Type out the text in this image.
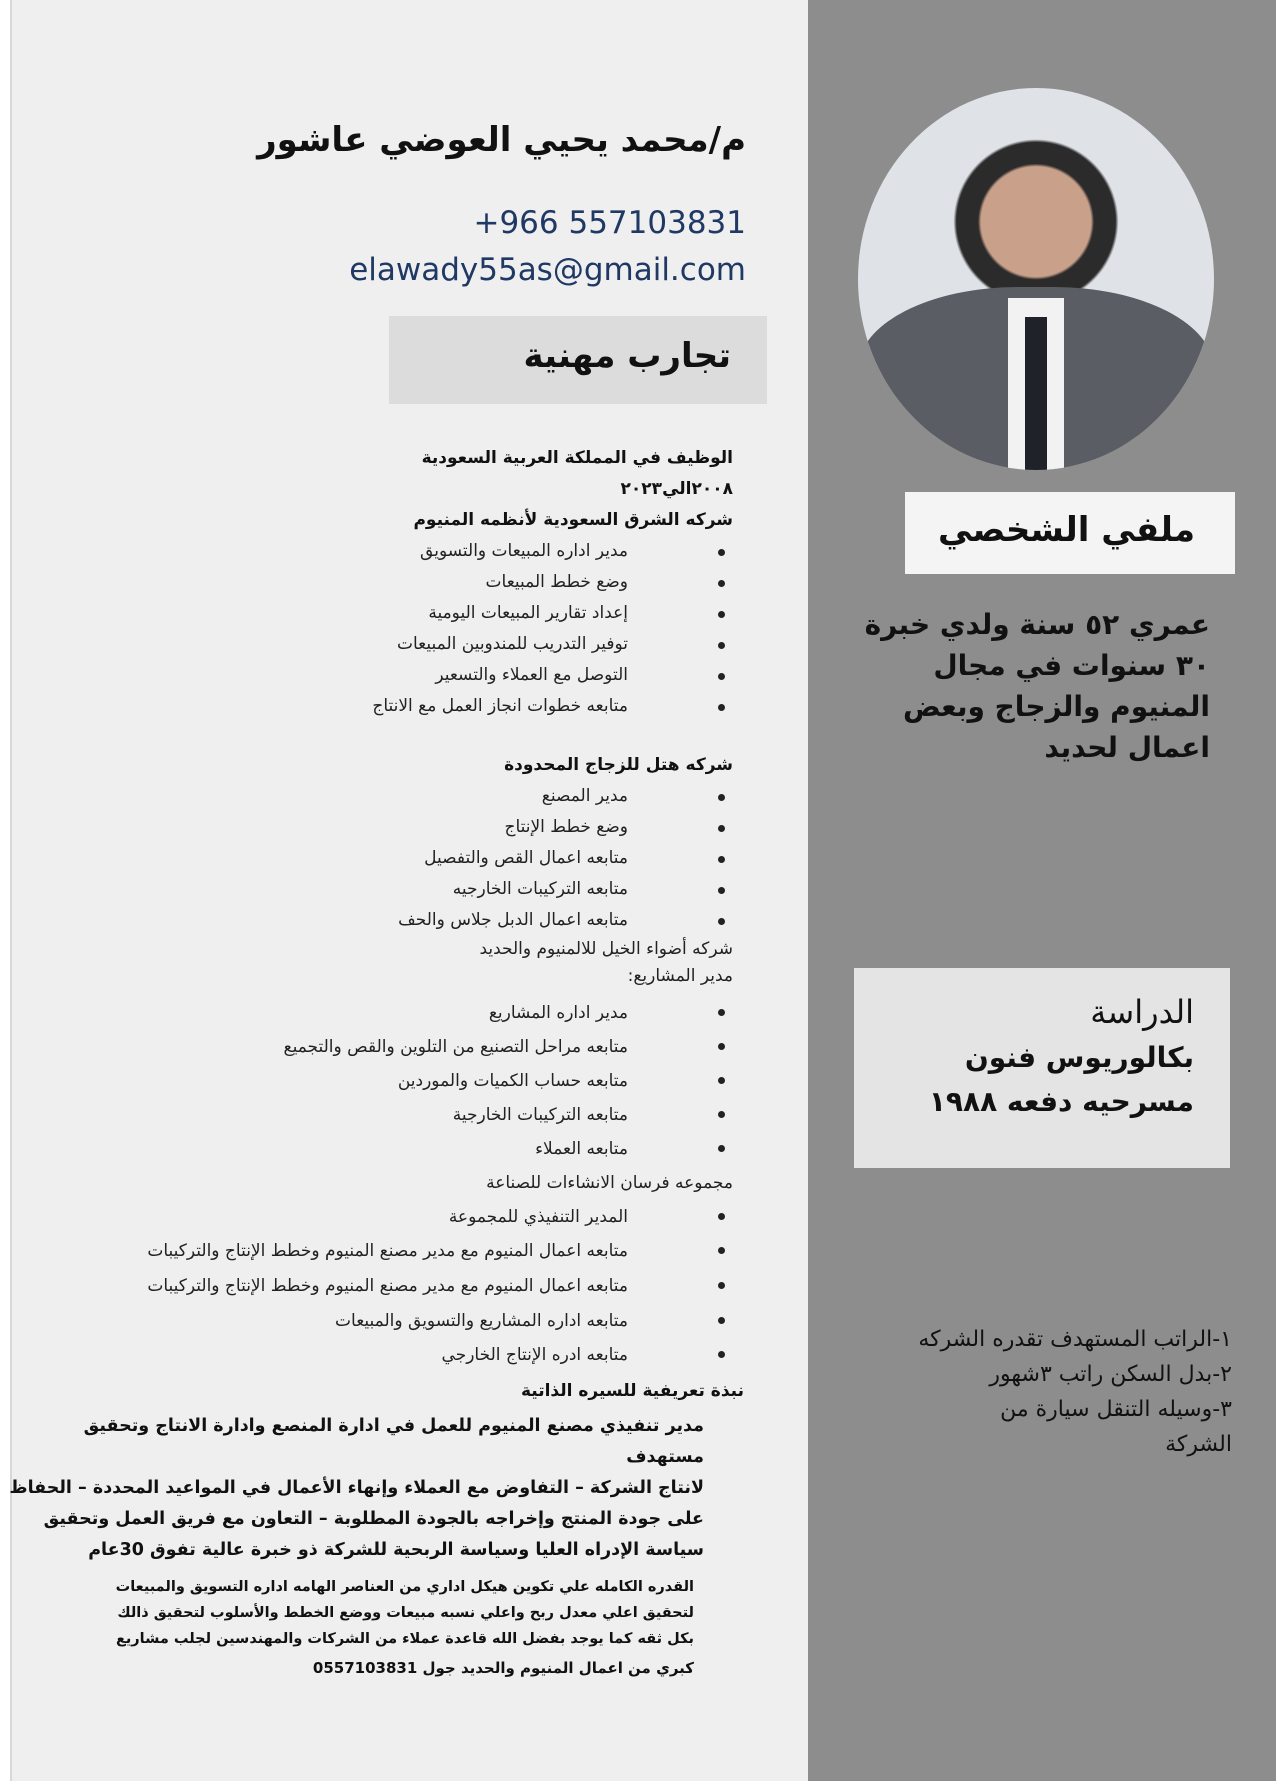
م/محمد يحيي العوضي عاشور
+966 557103831
elawady55as@gmail.com
تجارب مهنية
الوظيف في المملكة العربية السعودية
٢٠٠٨الي٢٠٢٣
شركه الشرق السعودية لأنظمه المنيوم
مدير اداره المبيعات والتسويق
وضع خطط المبيعات
إعداد تقارير المبيعات اليومية
توفير التدريب للمندوبين المبيعات
التوصل مع العملاء والتسعير
متابعه خطوات انجاز العمل مع الانتاج
شركه هتل للزجاج المحدودة
مدير المصنع
وضع خطط الإنتاج
متابعه اعمال القص والتفصيل
متابعه التركيبات الخارجيه
متابعه اعمال الدبل جلاس والحف
شركه أضواء الخيل للالمنيوم والحديد
مدير المشاريع:
مدير اداره المشاريع
متابعه مراحل التصنيع من التلوين والقص والتجميع
متابعه حساب الكميات والموردين
متابعه التركيبات الخارجية
متابعه العملاء
مجموعه فرسان الانشاءات للصناعة
المدير التنفيذي للمجموعة
متابعه اعمال المنيوم مع مدير مصنع المنيوم وخطط الإنتاج والتركيبات
متابعه اعمال المنيوم مع مدير مصنع المنيوم وخطط الإنتاج والتركيبات
متابعه اداره المشاريع والتسويق والمبيعات
متابعه ادره الإنتاج الخارجي
نبذة تعريفية للسيره الذاتية
مدير تنفيذي مصنع المنيوم للعمل في ادارة المنصع وادارة الانتاج وتحقيق مستهدف
لانتاج الشركة – التفاوض مع العملاء وإنهاء الأعمال في المواعيد المحددة – الحفاظ
على جودة المنتج وإخراجه بالجودة المطلوبة – التعاون مع فريق العمل وتحقيق
سياسة الإدراه العليا وسياسة الربحية للشركة ذو خبرة عالية تفوق 30عام
القدره الكامله علي تكوين هيكل اداري من العناصر الهامه اداره التسويق والمبيعات
لتحقيق اعلي معدل ربح واعلي نسبه مبيعات ووضع الخطط والأسلوب لتحقيق ذالك
بكل ثقه كما يوجد بفضل الله قاعدة عملاء من الشركات والمهندسين لجلب مشاريع
كبري من اعمال المنيوم والحديد جول 0557103831
ملفي الشخصي
عمري ٥٢ سنة ولدي خبرة
٣٠ سنوات في مجال
المنيوم والزجاج وبعض
اعمال لحديد
الدراسة
بكالوريوس فنون
مسرحيه دفعه ١٩٨٨
١-الراتب المستهدف تقدره الشركه
٢-بدل السكن راتب ٣شهور
٣-وسيله التنقل سيارة من
الشركة
